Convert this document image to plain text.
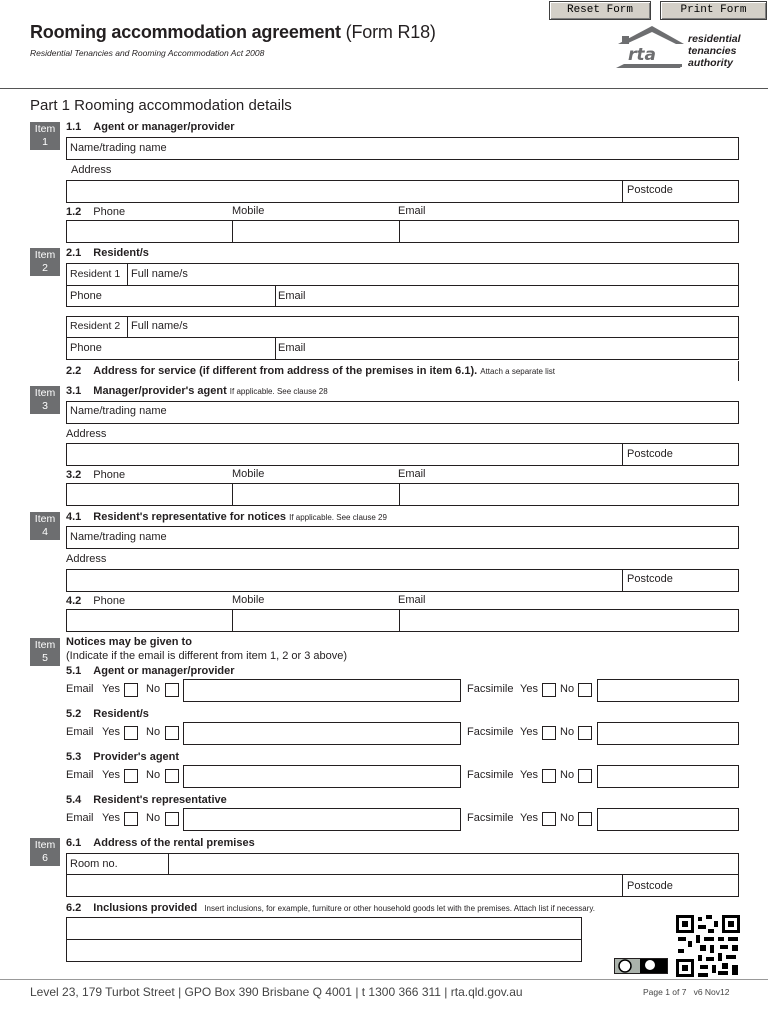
Reset Form	Print Form
Rooming accommodation agreement (Form R18)
Residential Tenancies and Rooming Accommodation Act 2008	rta
residential
tenancies
authority
Part 1 Rooming accommodation details
Item
1
1.1 Agent or manager/provider
Name/trading name
Address
Postcode
1.2 Phone	Mobile	Email
Item
2
2.1 Resident/s
Resident 1 Full name/s
Phone	Email
Resident 2 Full name/s
Phone	Email
2.2 Address for service (if different from address of the premises in item 6.1). Attach a separate list
Item
3
3.1 Manager/provider's agent If applicable. See clause 28
Name/trading name
Address
Postcode
3.2 Phone	Mobile	Email
Item
4
4.1 Resident's representative for notices If applicable. See clause 29
Name/trading name
Address
Postcode
4.2 Phone	Mobile	Email
Item
5
Notices may be given to
(Indicate if the email is different from item 1, 2 or 3 above)
5.1 Agent or manager/provider
Email Yes No	Facsimile Yes No
5.2 Resident/s
Email Yes No	Facsimile Yes No
5.3 Provider's agent
Email Yes No	Facsimile Yes No
5.4 Resident's representative
Email Yes No	Facsimile Yes No
Item
6
6.1 Address of the rental premises
Room no.
Postcode
6.2 Inclusions provided Insert inclusions, for example, furniture or other household goods let with the premises. Attach list if necessary.
Level 23, 179 Turbot Street | GPO Box 390 Brisbane Q 4001 | t 1300 366 311 | rta.qld.gov.au	Page 1 of 7 v6 Nov12
